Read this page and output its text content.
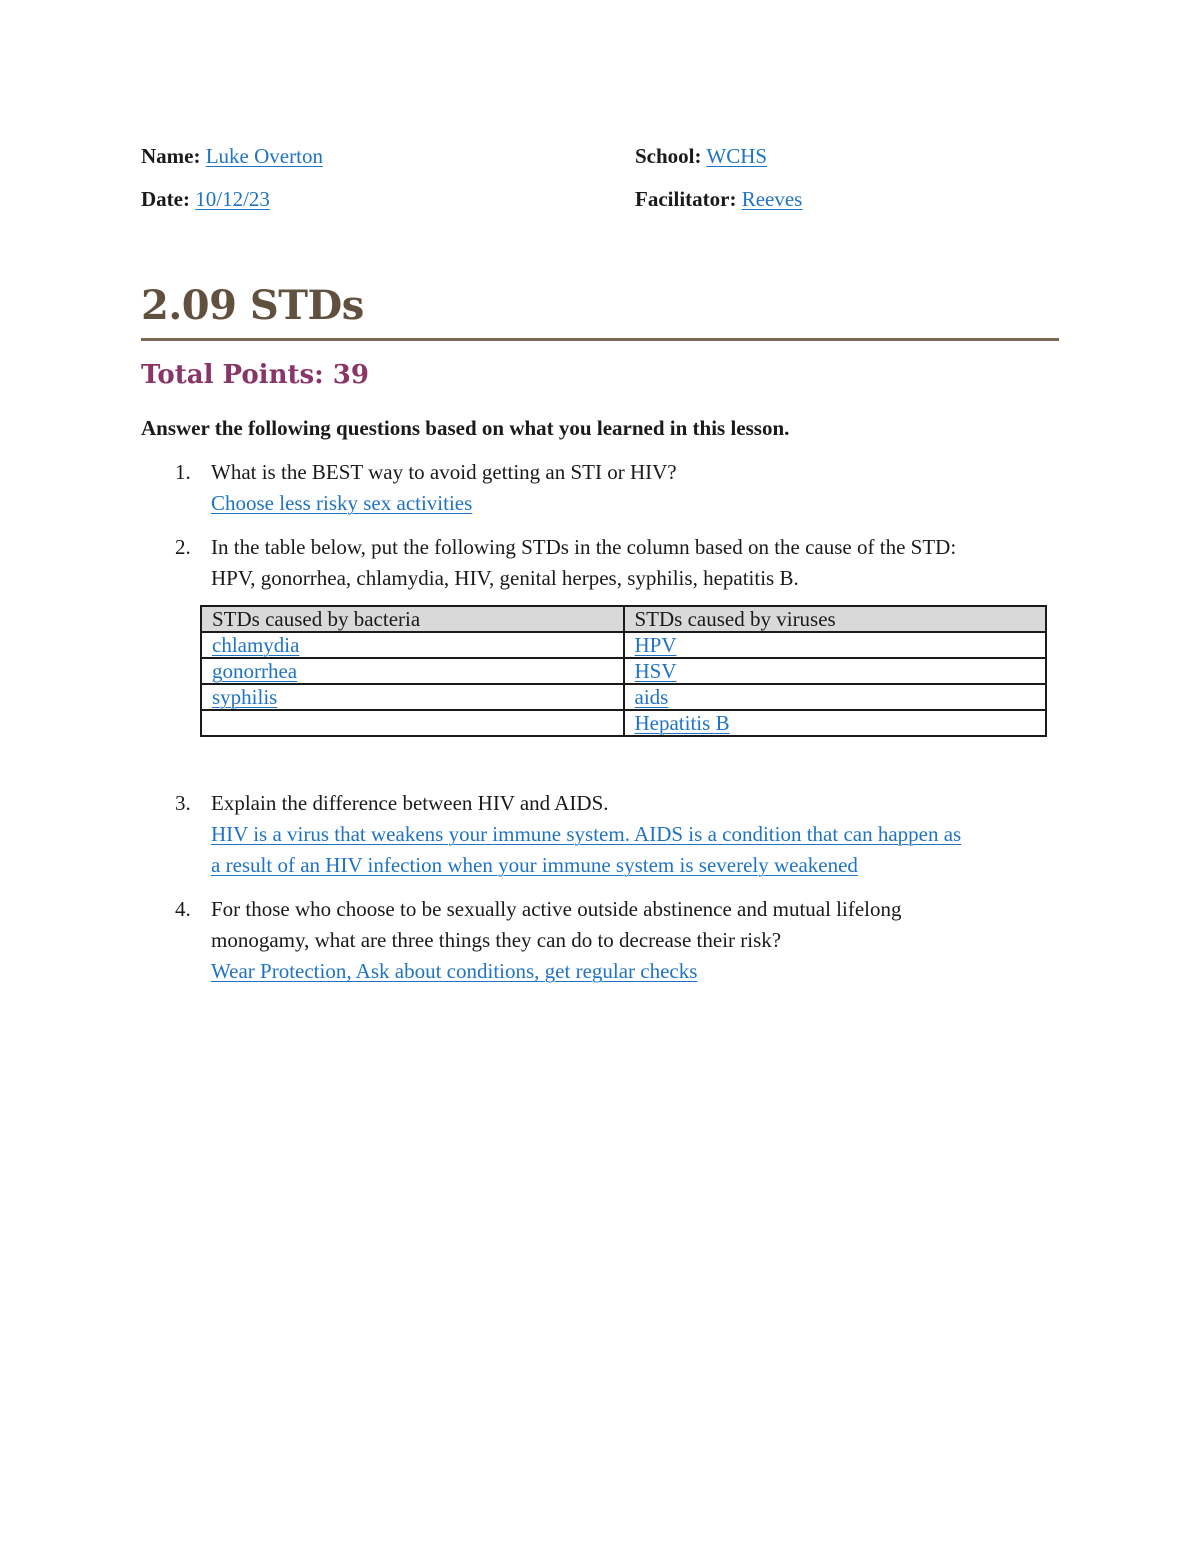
Name: Luke Overton	School: WCHS
Date: 10/12/23	Facilitator: Reeves
2.09 STDs
Total Points: 39
Answer the following questions based on what you learned in this lesson.
1. What is the BEST way to avoid getting an STI or HIV?
Choose less risky sex activities
2. In the table below, put the following STDs in the column based on the cause of the STD:
HPV, gonorrhea, chlamydia, HIV, genital herpes, syphilis, hepatitis B.
STDs caused by bacteria	STDs caused by viruses
chlamydia	HPV
gonorrhea	HSV
syphilis	aids
	Hepatitis B
3. Explain the difference between HIV and AIDS.
HIV is a virus that weakens your immune system. AIDS is a condition that can happen as
a result of an HIV infection when your immune system is severely weakened
4. For those who choose to be sexually active outside abstinence and mutual lifelong
monogamy, what are three things they can do to decrease their risk?
Wear Protection, Ask about conditions, get regular checks
